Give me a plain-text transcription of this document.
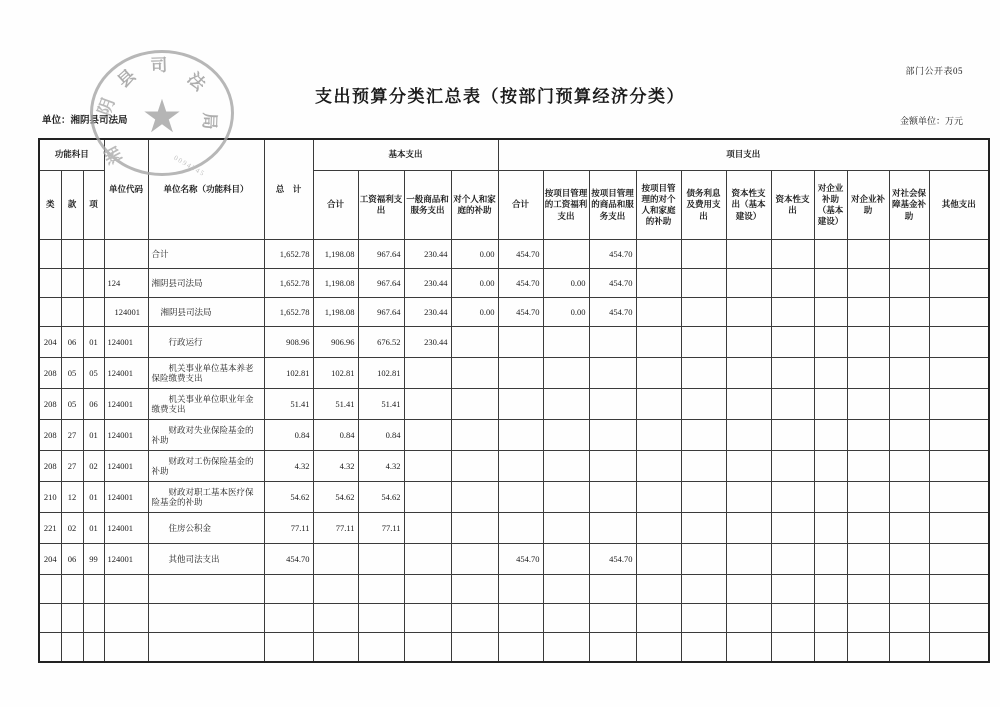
部门公开表05
支出预算分类汇总表（按部门预算经济分类）
单位：湘阴县司法局	金额单位：万元
功能科目			单位代码	单位名称（功能科目）	总　计	基本支出				项目支出										
类	款	项				合计	工资福利支出	一般商品和服务支出	对个人和家庭的补助	合计	按项目管理的工资福利支出	按项目管理的商品和服务支出	按项目管理的对个人和家庭的补助	债务利息及费用支出	资本性支出（基本建设）	资本性支出	对企业补助（基本建设）	对企业补助	对社会保障基金补助	其他支出
				合计	1,652.78	1,198.08	967.64	230.44	0.00	454.70		454.70								
			124	湘阴县司法局	1,652.78	1,198.08	967.64	230.44	0.00	454.70	0.00	454.70								
			124001	湘阴县司法局	1,652.78	1,198.08	967.64	230.44	0.00	454.70	0.00	454.70								
204	06	01	124001	行政运行	908.96	906.96	676.52	230.44												
208	05	05	124001	机关事业单位基本养老保险缴费支出	102.81	102.81	102.81													
208	05	06	124001	机关事业单位职业年金缴费支出	51.41	51.41	51.41													
208	27	01	124001	财政对失业保险基金的补助	0.84	0.84	0.84													
208	27	02	124001	财政对工伤保险基金的补助	4.32	4.32	4.32													
210	12	01	124001	财政对职工基本医疗保险基金的补助	54.62	54.62	54.62													
221	02	01	124001	住房公积金	77.11	77.11	77.11													
204	06	99	124001	其他司法支出	454.70					454.70		454.70								

★
湘
阴
县
司
法
局
0094545
